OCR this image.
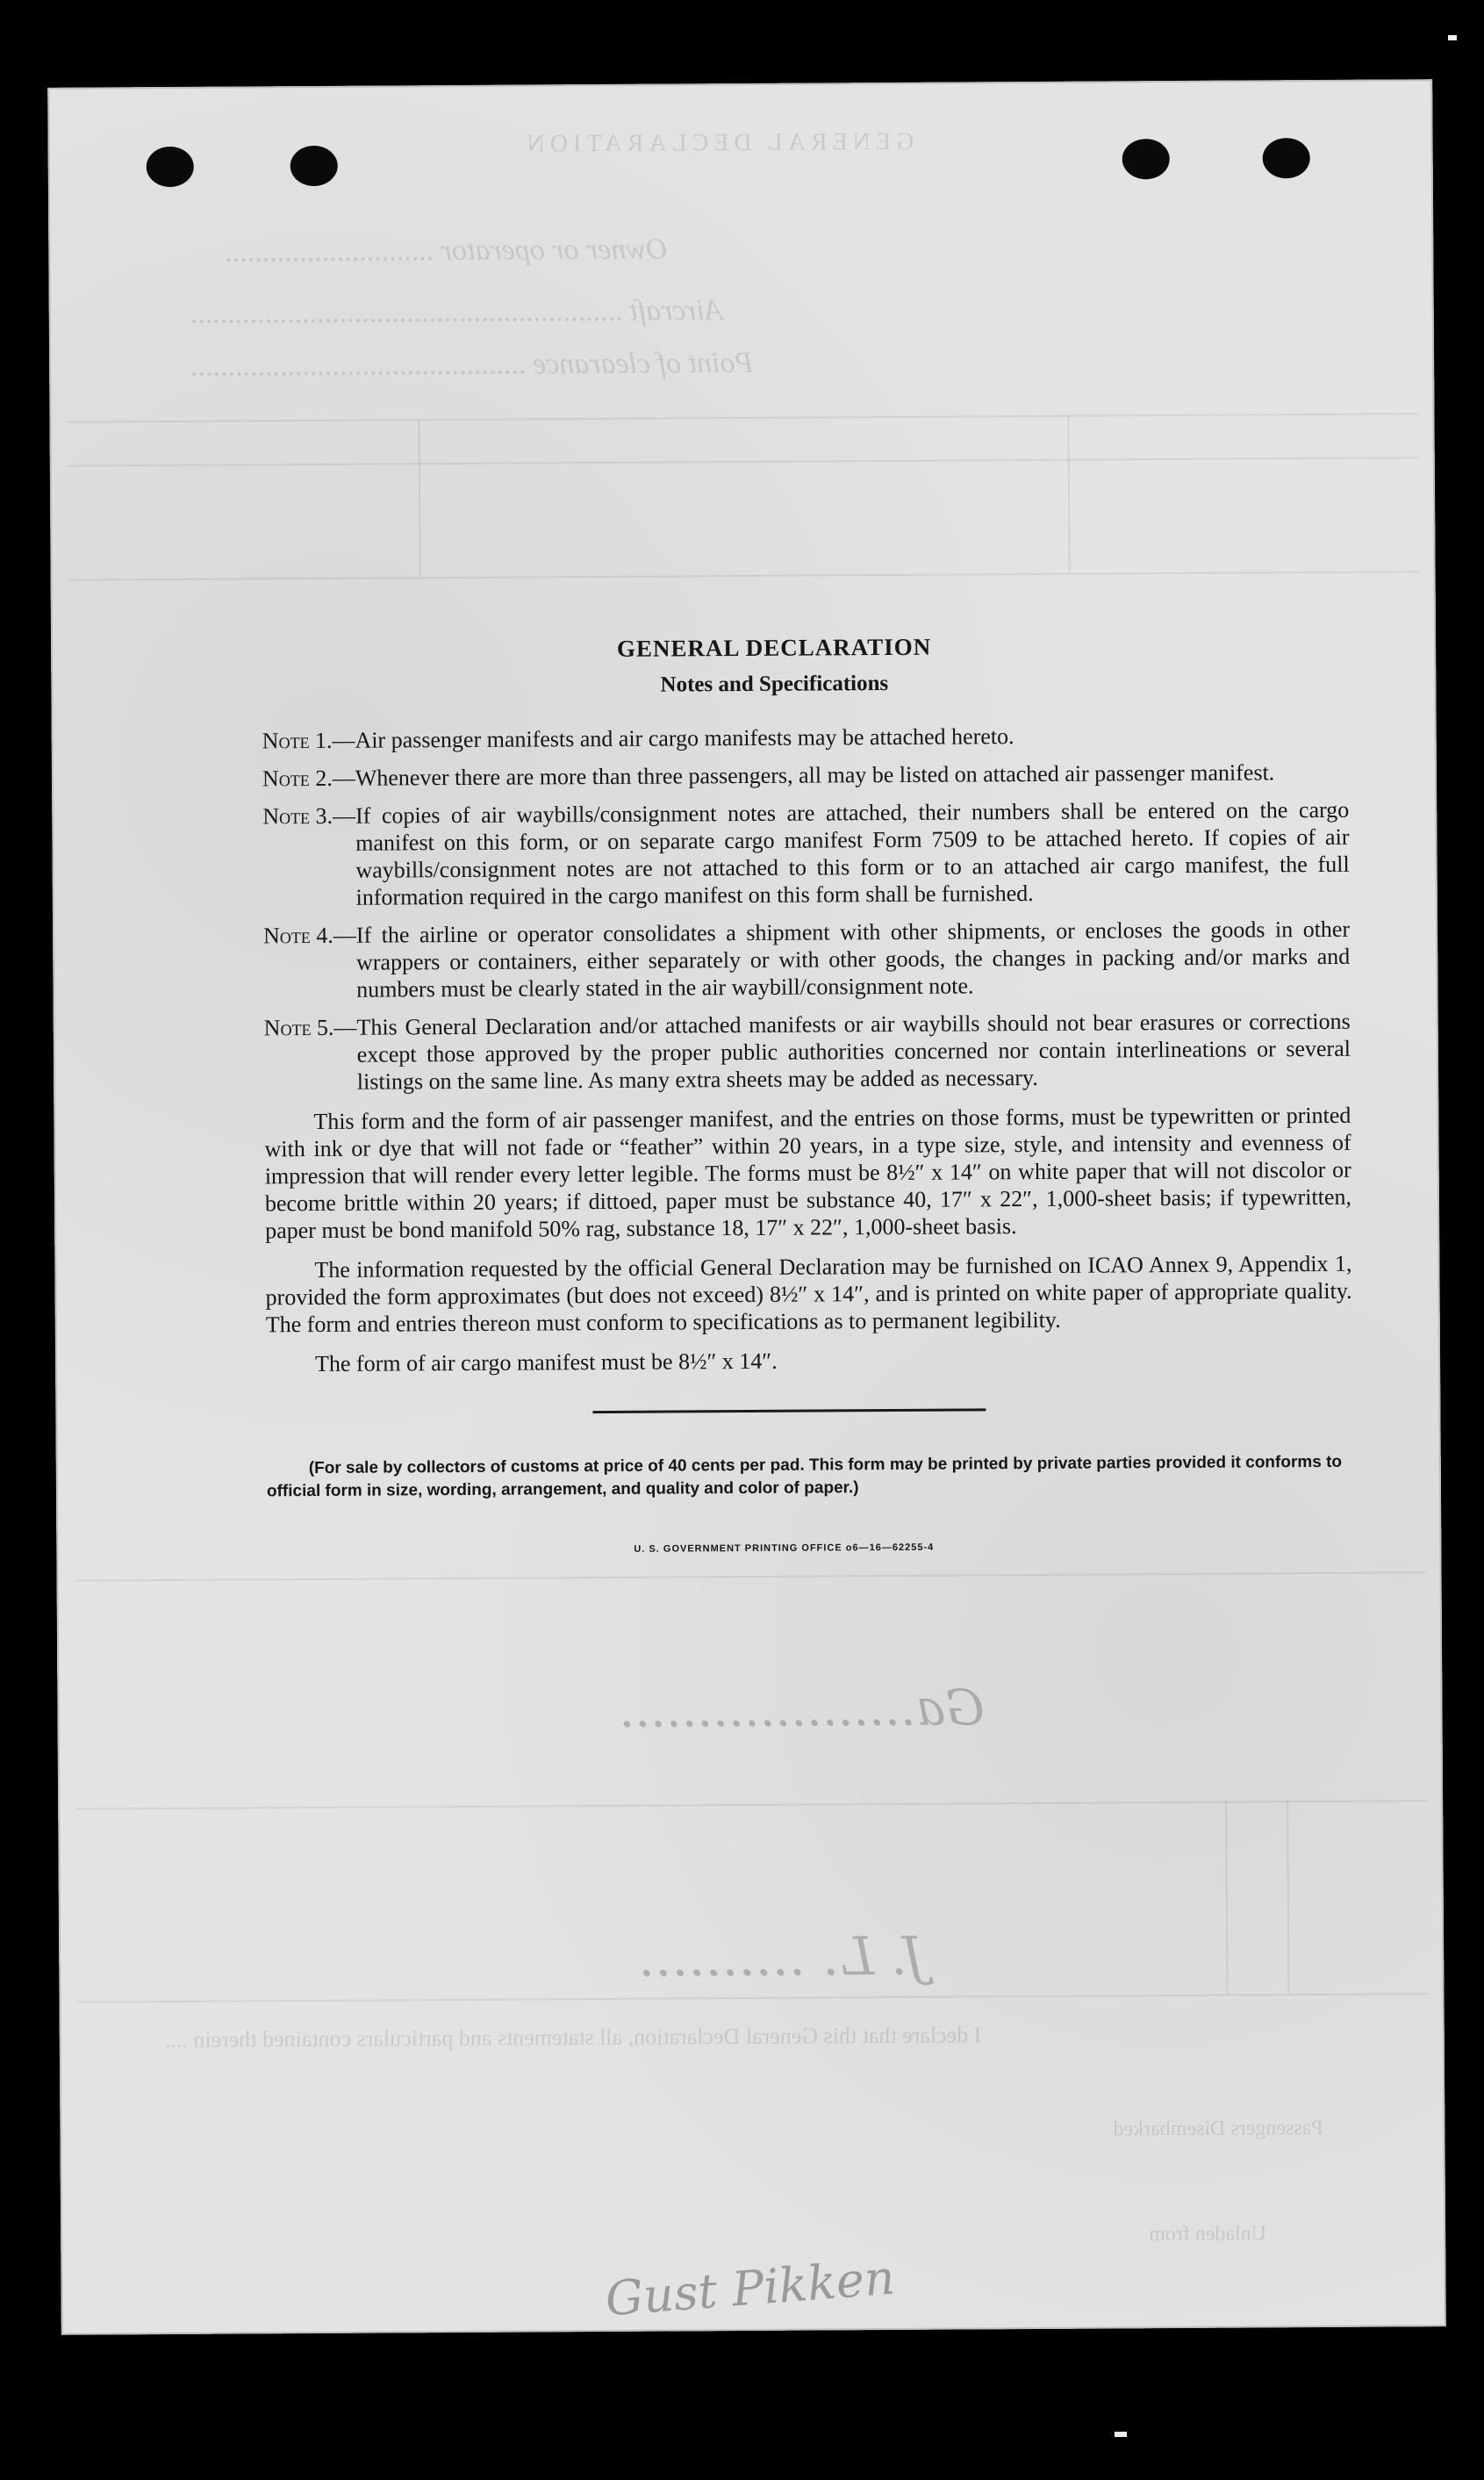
GENERAL DECLARATION
Owner or operator ............................
Aircraft ..........................................................
Point of clearance .............................................
I declare that this General Declaration, all statements and particulars contained therein ....
Passengers Disembarked
Unladen from
Ga...................
J. L. ..........
Gust Pikken
GENERAL DECLARATION
Notes and Specifications
Note 1. — Air passenger manifests and air cargo manifests may be attached hereto.
Note 2. — Whenever there are more than three passengers, all may be listed on attached air passenger manifest.
Note 3. — If copies of air waybills/consignment notes are attached, their numbers shall be entered on the cargo manifest on this form, or on separate cargo manifest Form 7509 to be attached hereto. If copies of air waybills/consignment notes are not attached to this form or to an attached air cargo manifest, the full information required in the cargo manifest on this form shall be furnished.
Note 4. — If the airline or operator consolidates a shipment with other shipments, or encloses the goods in other wrappers or containers, either separately or with other goods, the changes in packing and/or marks and numbers must be clearly stated in the air waybill/consignment note.
Note 5. — This General Declaration and/or attached manifests or air waybills should not bear erasures or corrections except those approved by the proper public authorities concerned nor contain interlineations or several listings on the same line. As many extra sheets may be added as necessary.
This form and the form of air passenger manifest, and the entries on those forms, must be typewritten or printed with ink or dye that will not fade or “feather” within 20 years, in a type size, style, and intensity and evenness of impression that will render every letter legible. The forms must be 8½″ x 14″ on white paper that will not discolor or become brittle within 20 years; if dittoed, paper must be substance 40, 17″ x 22″, 1,000-sheet basis; if typewritten, paper must be bond manifold 50% rag, substance 18, 17″ x 22″, 1,000-sheet basis.
The information requested by the official General Declaration may be furnished on ICAO Annex 9, Appendix 1, provided the form approximates (but does not exceed) 8½″ x 14″, and is printed on white paper of appropriate quality. The form and entries thereon must conform to specifications as to permanent legibility.
The form of air cargo manifest must be 8½″ x 14″.
(For sale by collectors of customs at price of 40 cents per pad. This form may be printed by private parties provided it conforms to official form in size, wording, arrangement, and quality and color of paper.)
U. S. GOVERNMENT PRINTING OFFICE o6—16—62255-4
